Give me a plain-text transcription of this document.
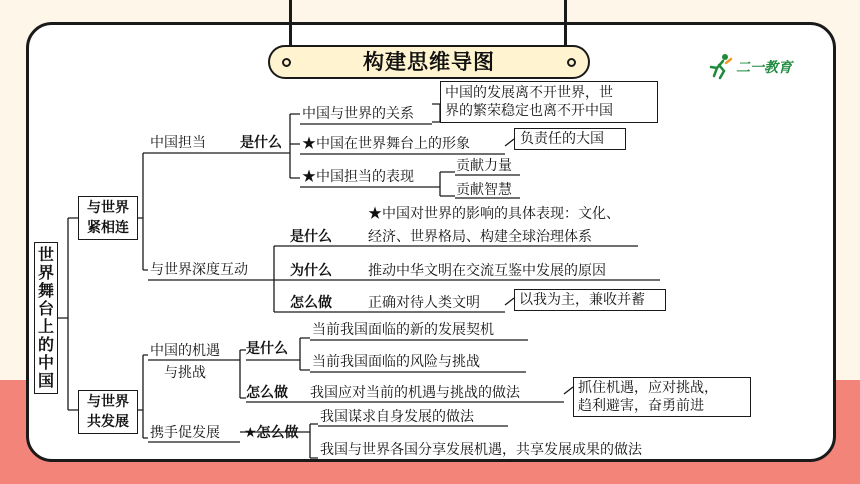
构建思维导图	二一教育
世界舞台上的中国
与世界
紧相连
与世界
共发展
中国担当 是什么
中国与世界的关系
中国的发展离不开世界，世
界的繁荣稳定也离不开中国
★中国在世界舞台上的形象	负责任的大国
★中国担当的表现
贡献力量
贡献智慧
与世界深度互动
是什么
★中国对世界的影响的具体表现：文化、
经济、世界格局、构建全球治理体系
为什么	推动中华文明在交流互鉴中发展的原因
怎么做	正确对待人类文明	以我为主，兼收并蓄
中国的机遇
与挑战
是什么
当前我国面临的新的发展契机
当前我国面临的风险与挑战
怎么做 我国应对当前的机遇与挑战的做法	抓住机遇，应对挑战，
趋利避害，奋勇前进
携手促发展 ★怎么做
我国谋求自身发展的做法
我国与世界各国分享发展机遇，共享发展成果的做法
